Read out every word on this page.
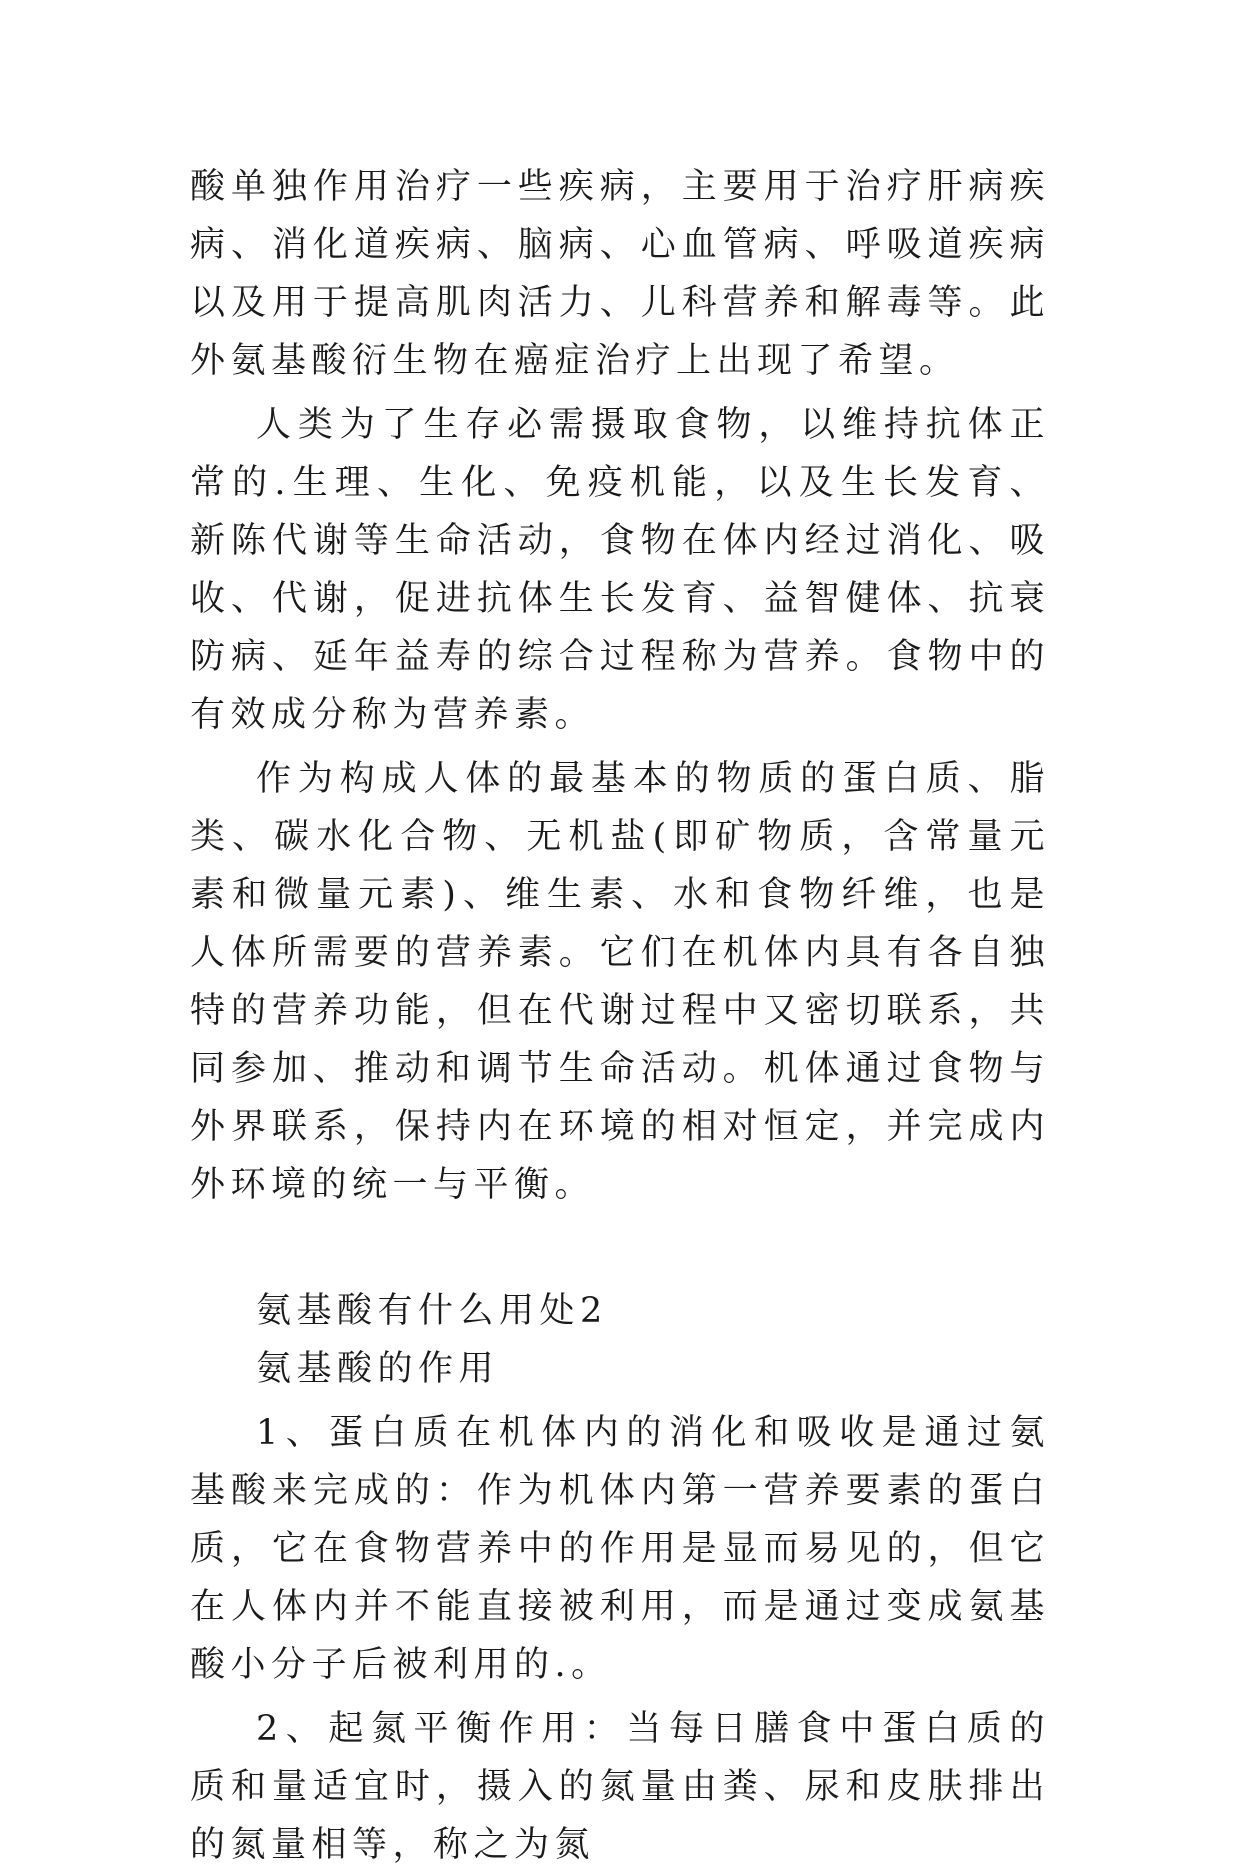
酸单独作用治疗一些疾病，主要用于治疗肝病疾病、消化道疾病、脑病、心血管病、呼吸道疾病以及用于提高肌肉活力、儿科营养和解毒等。此外氨基酸衍生物在癌症治疗上出现了希望。

人类为了生存必需摄取食物，以维持抗体正常的.生理、生化、免疫机能，以及生长发育、新陈代谢等生命活动，食物在体内经过消化、吸收、代谢，促进抗体生长发育、益智健体、抗衰防病、延年益寿的综合过程称为营养。食物中的有效成分称为营养素。

作为构成人体的最基本的物质的蛋白质、脂类、碳水化合物、无机盐(即矿物质，含常量元素和微量元素)、维生素、水和食物纤维，也是人体所需要的营养素。它们在机体内具有各自独特的营养功能，但在代谢过程中又密切联系，共同参加、推动和调节生命活动。机体通过食物与外界联系，保持内在环境的相对恒定，并完成内外环境的统一与平衡。

氨基酸有什么用处2

氨基酸的作用

1、蛋白质在机体内的消化和吸收是通过氨基酸来完成的：作为机体内第一营养要素的蛋白质，它在食物营养中的作用是显而易见的，但它在人体内并不能直接被利用，而是通过变成氨基酸小分子后被利用的.。

2、起氮平衡作用：当每日膳食中蛋白质的质和量适宜时，摄入的氮量由粪、尿和皮肤排出的氮量相等，称之为氮
